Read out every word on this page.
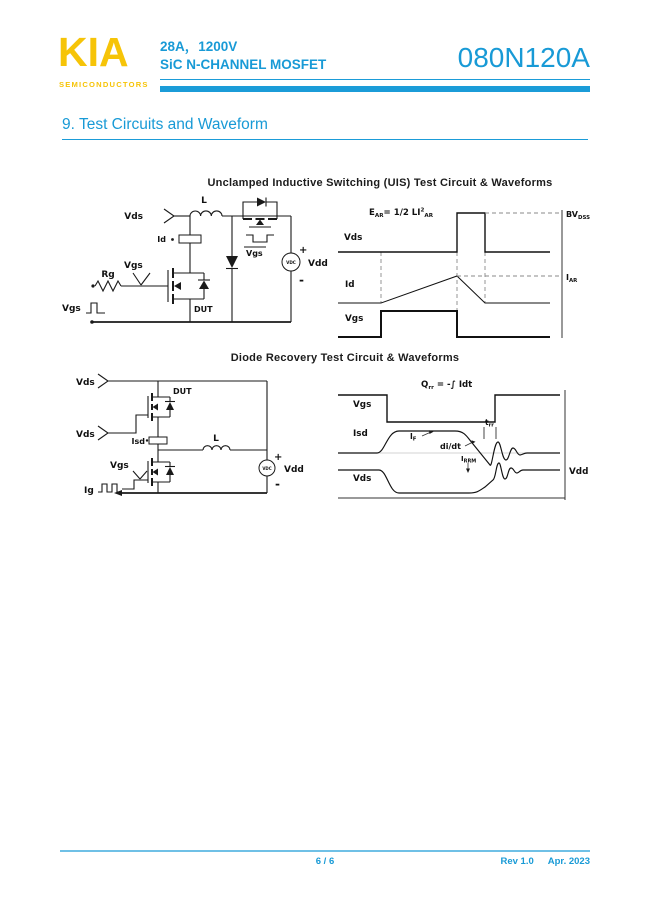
KIA
SEMICONDUCTORS
28A，1200V
SiC N-CHANNEL MOSFET	080N120A
9. Test Circuits and Waveform
Unclamped Inductive Switching (UIS) Test Circuit & Waveforms
Vds
L
Id
Rg
Vgs
DUT
Vgs
Vgs
VDC
+
Vdd
-
$E_{AR}= 1/2$ $LI^2_{AR}$
Vds
BVDSS
Id
IAR
Vgs
Diode Recovery Test Circuit & Waveforms
Vds
DUT
Vds
Isd	L
Vgs
Ig
VDC
+
Vdd
-
$Q_{rr}$ = -∫ Idt
Vgs
Isd	IF
di/dt
trr
IRRM
Vds
Vdd
6 / 6	Rev 1.0 Apr. 2023
